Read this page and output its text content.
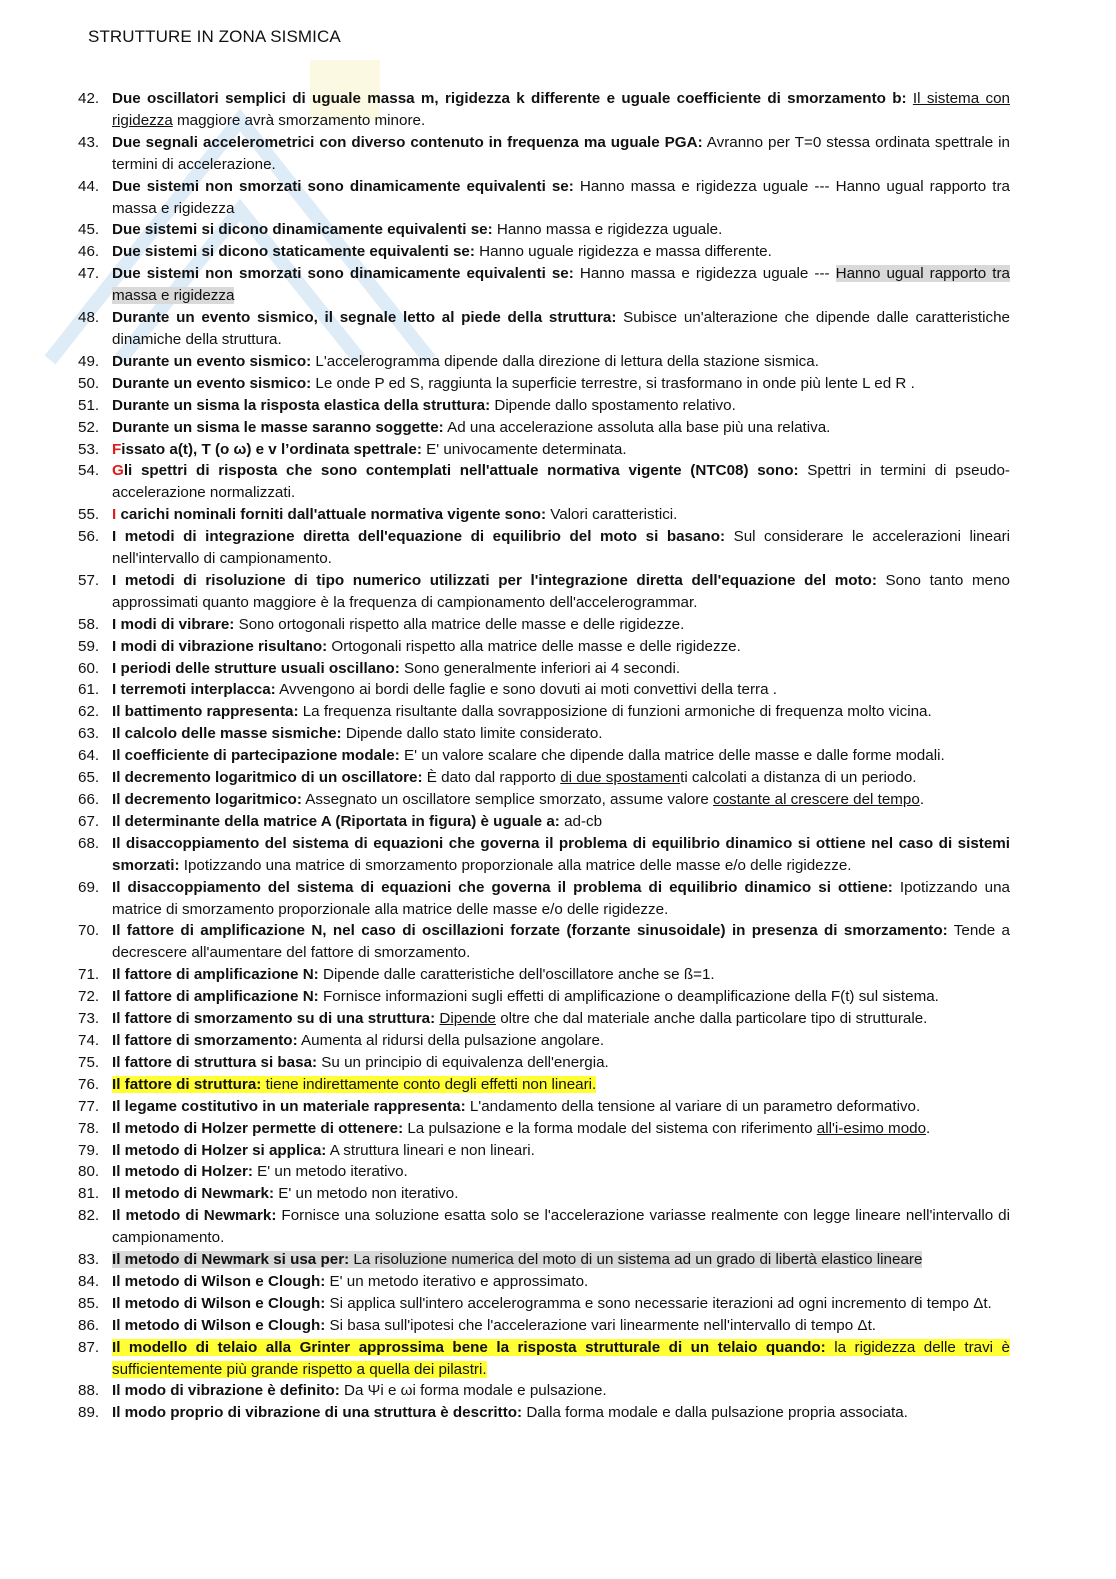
STRUTTURE IN ZONA SISMICA
42. Due oscillatori semplici di uguale massa m, rigidezza k differente e uguale coefficiente di smorzamento b: Il sistema con rigidezza maggiore avrà smorzamento minore.
43. Due segnali accelerometrici con diverso contenuto in frequenza ma uguale PGA: Avranno per T=0 stessa ordinata spettrale in termini di accelerazione.
44. Due sistemi non smorzati sono dinamicamente equivalenti se: Hanno massa e rigidezza uguale --- Hanno ugual rapporto tra massa e rigidezza
45. Due sistemi si dicono dinamicamente equivalenti se: Hanno massa e rigidezza uguale.
46. Due sistemi si dicono staticamente equivalenti se: Hanno uguale rigidezza e massa differente.
47. Due sistemi non smorzati sono dinamicamente equivalenti se: Hanno massa e rigidezza uguale --- Hanno ugual rapporto tra massa e rigidezza
48. Durante un evento sismico, il segnale letto al piede della struttura: Subisce un'alterazione che dipende dalle caratteristiche dinamiche della struttura.
49. Durante un evento sismico: L'accelerogramma dipende dalla direzione di lettura della stazione sismica.
50. Durante un evento sismico: Le onde P ed S, raggiunta la superficie terrestre, si trasformano in onde più lente L ed R .
51. Durante un sisma la risposta elastica della struttura: Dipende dallo spostamento relativo.
52. Durante un sisma le masse saranno soggette: Ad una accelerazione assoluta alla base più una relativa.
53. Fissato a(t), T (o ω) e v l’ordinata spettrale: E' univocamente determinata.
54. Gli spettri di risposta che sono contemplati nell'attuale normativa vigente (NTC08) sono: Spettri in termini di pseudo-accelerazione normalizzati.
55. I carichi nominali forniti dall'attuale normativa vigente sono: Valori caratteristici.
56. I metodi di integrazione diretta dell'equazione di equilibrio del moto si basano: Sul considerare le accelerazioni lineari nell'intervallo di campionamento.
57. I metodi di risoluzione di tipo numerico utilizzati per l'integrazione diretta dell'equazione del moto: Sono tanto meno approssimati quanto maggiore è la frequenza di campionamento dell'accelerogrammar.
58. I modi di vibrare: Sono ortogonali rispetto alla matrice delle masse e delle rigidezze.
59. I modi di vibrazione risultano: Ortogonali rispetto alla matrice delle masse e delle rigidezze.
60. I periodi delle strutture usuali oscillano: Sono generalmente inferiori ai 4 secondi.
61. I terremoti interplacca: Avvengono ai bordi delle faglie e sono dovuti ai moti convettivi della terra .
62. Il battimento rappresenta: La frequenza risultante dalla sovrapposizione di funzioni armoniche di frequenza molto vicina.
63. Il calcolo delle masse sismiche: Dipende dallo stato limite considerato.
64. Il coefficiente di partecipazione modale: E' un valore scalare che dipende dalla matrice delle masse e dalle forme modali.
65. Il decremento logaritmico di un oscillatore: È dato dal rapporto di due spostamenti calcolati a distanza di un periodo.
66. Il decremento logaritmico: Assegnato un oscillatore semplice smorzato, assume valore costante al crescere del tempo.
67. Il determinante della matrice A (Riportata in figura) è uguale a: ad-cb
68. Il disaccoppiamento del sistema di equazioni che governa il problema di equilibrio dinamico si ottiene nel caso di sistemi smorzati: Ipotizzando una matrice di smorzamento proporzionale alla matrice delle masse e/o delle rigidezze.
69. Il disaccoppiamento del sistema di equazioni che governa il problema di equilibrio dinamico si ottiene: Ipotizzando una matrice di smorzamento proporzionale alla matrice delle masse e/o delle rigidezze.
70. Il fattore di amplificazione N, nel caso di oscillazioni forzate (forzante sinusoidale) in presenza di smorzamento: Tende a decrescere all'aumentare del fattore di smorzamento.
71. Il fattore di amplificazione N: Dipende dalle caratteristiche dell'oscillatore anche se ß=1.
72. Il fattore di amplificazione N: Fornisce informazioni sugli effetti di amplificazione o deamplificazione della F(t) sul sistema.
73. Il fattore di smorzamento su di una struttura: Dipende oltre che dal materiale anche dalla particolare tipo di strutturale.
74. Il fattore di smorzamento: Aumenta al ridursi della pulsazione angolare.
75. Il fattore di struttura si basa: Su un principio di equivalenza dell'energia.
76. Il fattore di struttura: tiene indirettamente conto degli effetti non lineari.
77. Il legame costitutivo in un materiale rappresenta: L'andamento della tensione al variare di un parametro deformativo.
78. Il metodo di Holzer permette di ottenere: La pulsazione e la forma modale del sistema con riferimento all'i-esimo modo.
79. Il metodo di Holzer si applica: A struttura lineari e non lineari.
80. Il metodo di Holzer: E' un metodo iterativo.
81. Il metodo di Newmark: E' un metodo non iterativo.
82. Il metodo di Newmark: Fornisce una soluzione esatta solo se l'accelerazione variasse realmente con legge lineare nell'intervallo di campionamento.
83. Il metodo di Newmark si usa per: La risoluzione numerica del moto di un sistema ad un grado di libertà elastico lineare
84. Il metodo di Wilson e Clough: E' un metodo iterativo e approssimato.
85. Il metodo di Wilson e Clough: Si applica sull'intero accelerogramma e sono necessarie iterazioni ad ogni incremento di tempo Δt.
86. Il metodo di Wilson e Clough: Si basa sull'ipotesi che l'accelerazione vari linearmente nell'intervallo di tempo Δt.
87. Il modello di telaio alla Grinter approssima bene la risposta strutturale di un telaio quando: la rigidezza delle travi è sufficientemente più grande rispetto a quella dei pilastri.
88. Il modo di vibrazione è definito: Da Ψi e ωi forma modale e pulsazione.
89. Il modo proprio di vibrazione di una struttura è descritto: Dalla forma modale e dalla pulsazione propria associata.
